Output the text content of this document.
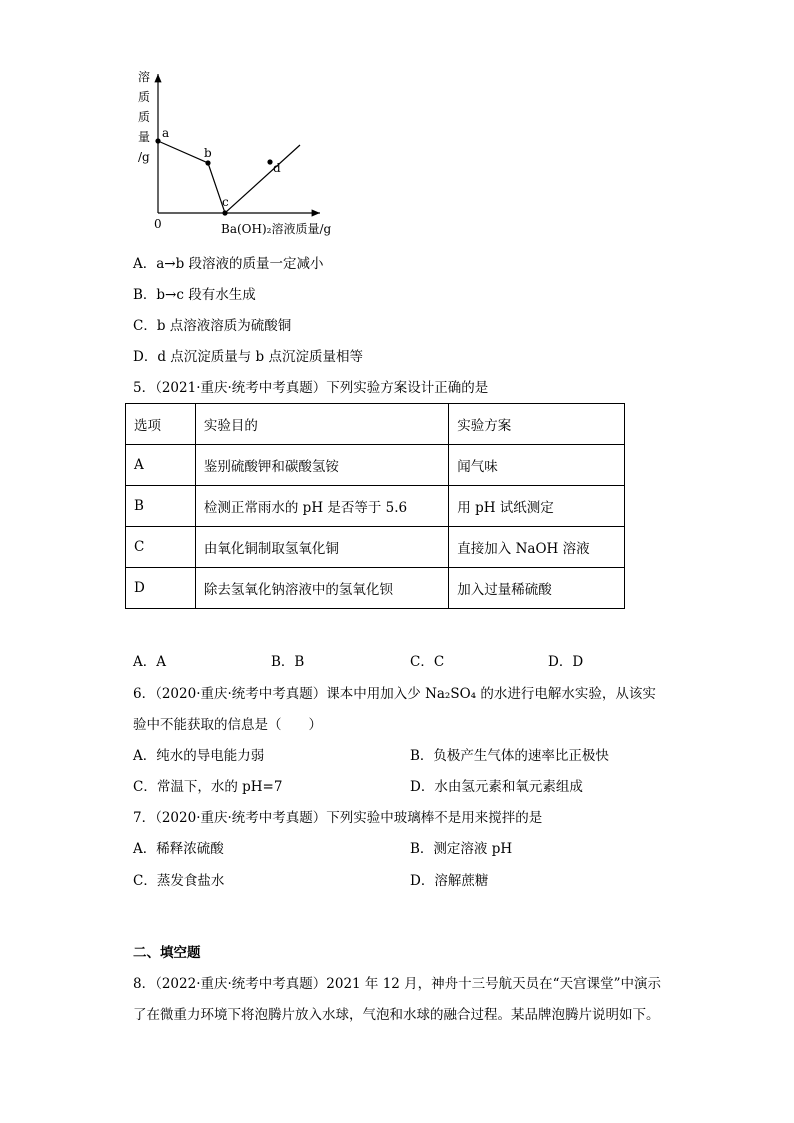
溶
质
质
量
/g
a
b
c
d
0	Ba(OH)₂溶液质量/g
A．a→b 段溶液的质量一定减小
B．b→c 段有水生成
C．b 点溶液溶质为硫酸铜
D．d 点沉淀质量与 b 点沉淀质量相等
5．（2021·重庆·统考中考真题）下列实验方案设计正确的是
选项	实验目的	实验方案
A	鉴别硫酸钾和碳酸氢铵	闻气味
B	检测正常雨水的 pH 是否等于 5.6	用 pH 试纸测定
C	由氧化铜制取氢氧化铜	直接加入 NaOH 溶液
D	除去氢氧化钠溶液中的氢氧化钡	加入过量稀硫酸
A．A	B．B	C．C	D．D
6．（2020·重庆·统考中考真题）课本中用加入少 Na₂SO₄ 的水进行电解水实验，从该实
验中不能获取的信息是（　　）
A．纯水的导电能力弱	B．负极产生气体的速率比正极快
C．常温下，水的 pH=7	D．水由氢元素和氧元素组成
7．（2020·重庆·统考中考真题）下列实验中玻璃棒不是用来搅拌的是
A．稀释浓硫酸	B．测定溶液 pH
C．蒸发食盐水	D．溶解蔗糖
二、填空题
8．（2022·重庆·统考中考真题）2021 年 12 月，神舟十三号航天员在“天宫课堂”中演示
了在微重力环境下将泡腾片放入水球，气泡和水球的融合过程。某品牌泡腾片说明如下。
